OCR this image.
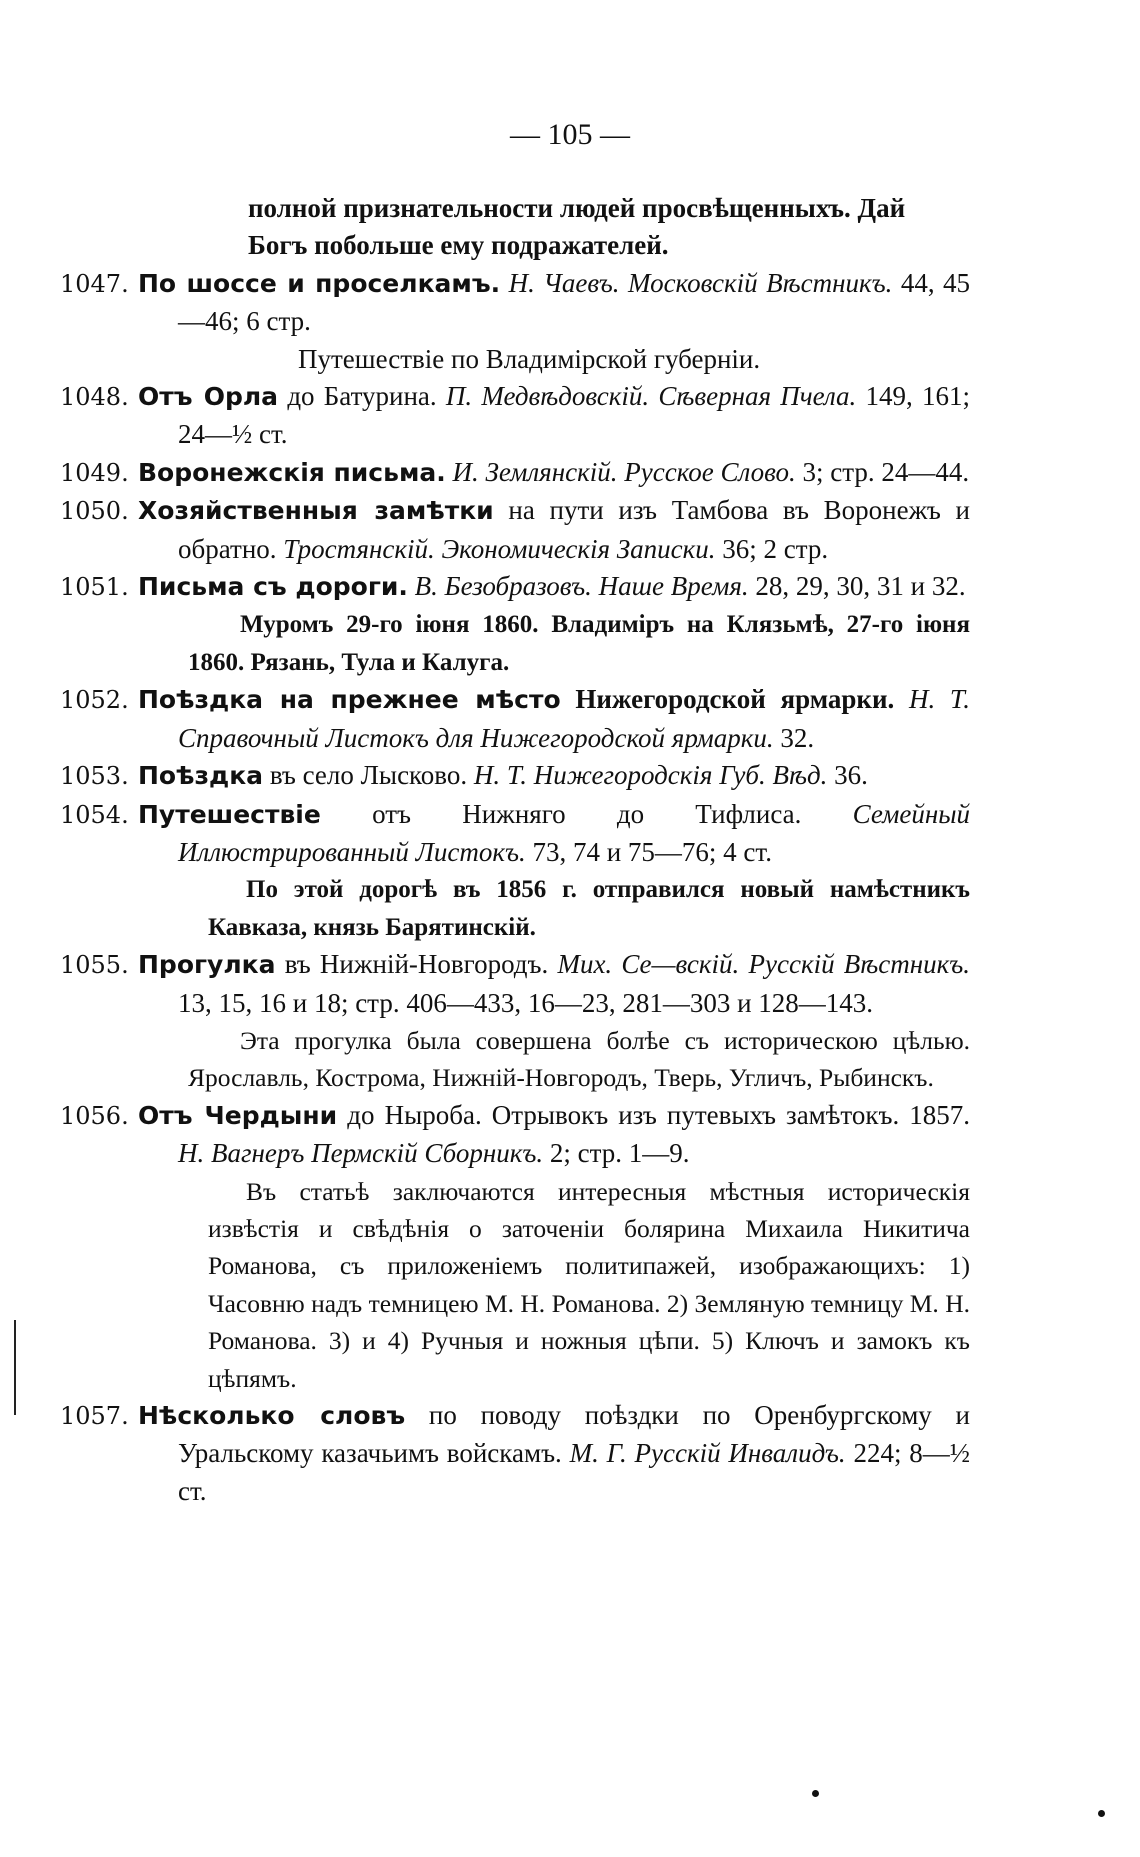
— 105 —

полной признательности людей просвѣщенныхъ. Дай Богъ побольше ему подражателей.

1047. По шоссе и проселкамъ. Н. Чаевъ. Московскій Вѣстникъ. 44, 45—46; 6 стр.

Путешествіе по Владимірской губерніи.

1048. Отъ Орла до Батурина. П. Медвѣдовскій. Сѣверная Пчела. 149, 161; 24—½ ст.

1049. Воронежскія письма. И. Землянскій. Русское Слово. 3; стр. 24—44.

1050. Хозяйственныя замѣтки на пути изъ Тамбова въ Воронежъ и обратно. Тростянскій. Экономическія Записки. 36; 2 стр.

1051. Письма съ дороги. В. Безобразовъ. Наше Время. 28, 29, 30, 31 и 32.

Муромъ 29-го іюня 1860. Владиміръ на Клязьмѣ, 27-го іюня 1860. Рязань, Тула и Калуга.

1052. Поѣздка на прежнее мѣсто Нижегородской ярмарки. Н. Т. Справочный Листокъ для Нижегородской ярмарки. 32.

1053. Поѣздка въ село Лысково. Н. Т. Нижегородскія Губ. Вѣд. 36.

1054. Путешествіе отъ Нижняго до Тифлиса. Семейный Иллюстрированный Листокъ. 73, 74 и 75—76; 4 ст.

По этой дорогѣ въ 1856 г. отправился новый намѣстникъ Кавказа, князь Барятинскій.

1055. Прогулка въ Нижній-Новгородъ. Мих. Се—вскій. Русскій Вѣстникъ. 13, 15, 16 и 18; стр. 406—433, 16—23, 281—303 и 128—143.

Эта прогулка была совершена болѣе съ историческою цѣлью. Ярославль, Кострома, Нижній-Новгородъ, Тверь, Угличъ, Рыбинскъ.

1056. Отъ Чердыни до Ныроба. Отрывокъ изъ путевыхъ замѣтокъ. 1857. Н. Вагнеръ Пермскій Сборникъ. 2; стр. 1—9.

Въ статьѣ заключаются интересныя мѣстныя историческія извѣстія и свѣдѣнія о заточеніи болярина Михаила Никитича Романова, съ приложеніемъ политипажей, изображающихъ: 1) Часовню надъ темницею М. Н. Романова. 2) Земляную темницу М. Н. Романова. 3) и 4) Ручныя и ножныя цѣпи. 5) Ключъ и замокъ къ цѣпямъ.

1057. Нѣсколько словъ по поводу поѣздки по Оренбургскому и Уральскому казачьимъ войскамъ. М. Г. Русскій Инвалидъ. 224; 8—½ ст.
